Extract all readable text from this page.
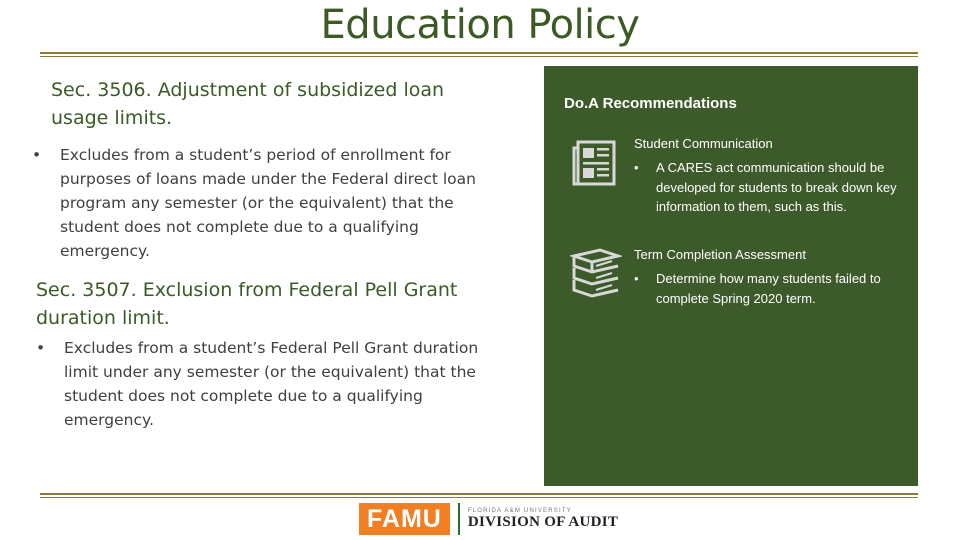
Education Policy
Sec. 3506. Adjustment of subsidized loan usage limits.
• Excludes from a student’s period of enrollment for purposes of loans made under the Federal direct loan program any semester (or the equivalent) that the student does not complete due to a qualifying emergency.
Sec. 3507. Exclusion from Federal Pell Grant duration limit.
• Excludes from a student’s Federal Pell Grant duration limit under any semester (or the equivalent) that the student does not complete due to a qualifying emergency.
Do.A Recommendations
Student Communication
• A CARES act communication should be developed for students to break down key information to them, such as this.
Term Completion Assessment
• Determine how many students failed to complete Spring 2020 term.
FAMU	FLORIDA A&M UNIVERSITY
DIVISION OF AUDIT
